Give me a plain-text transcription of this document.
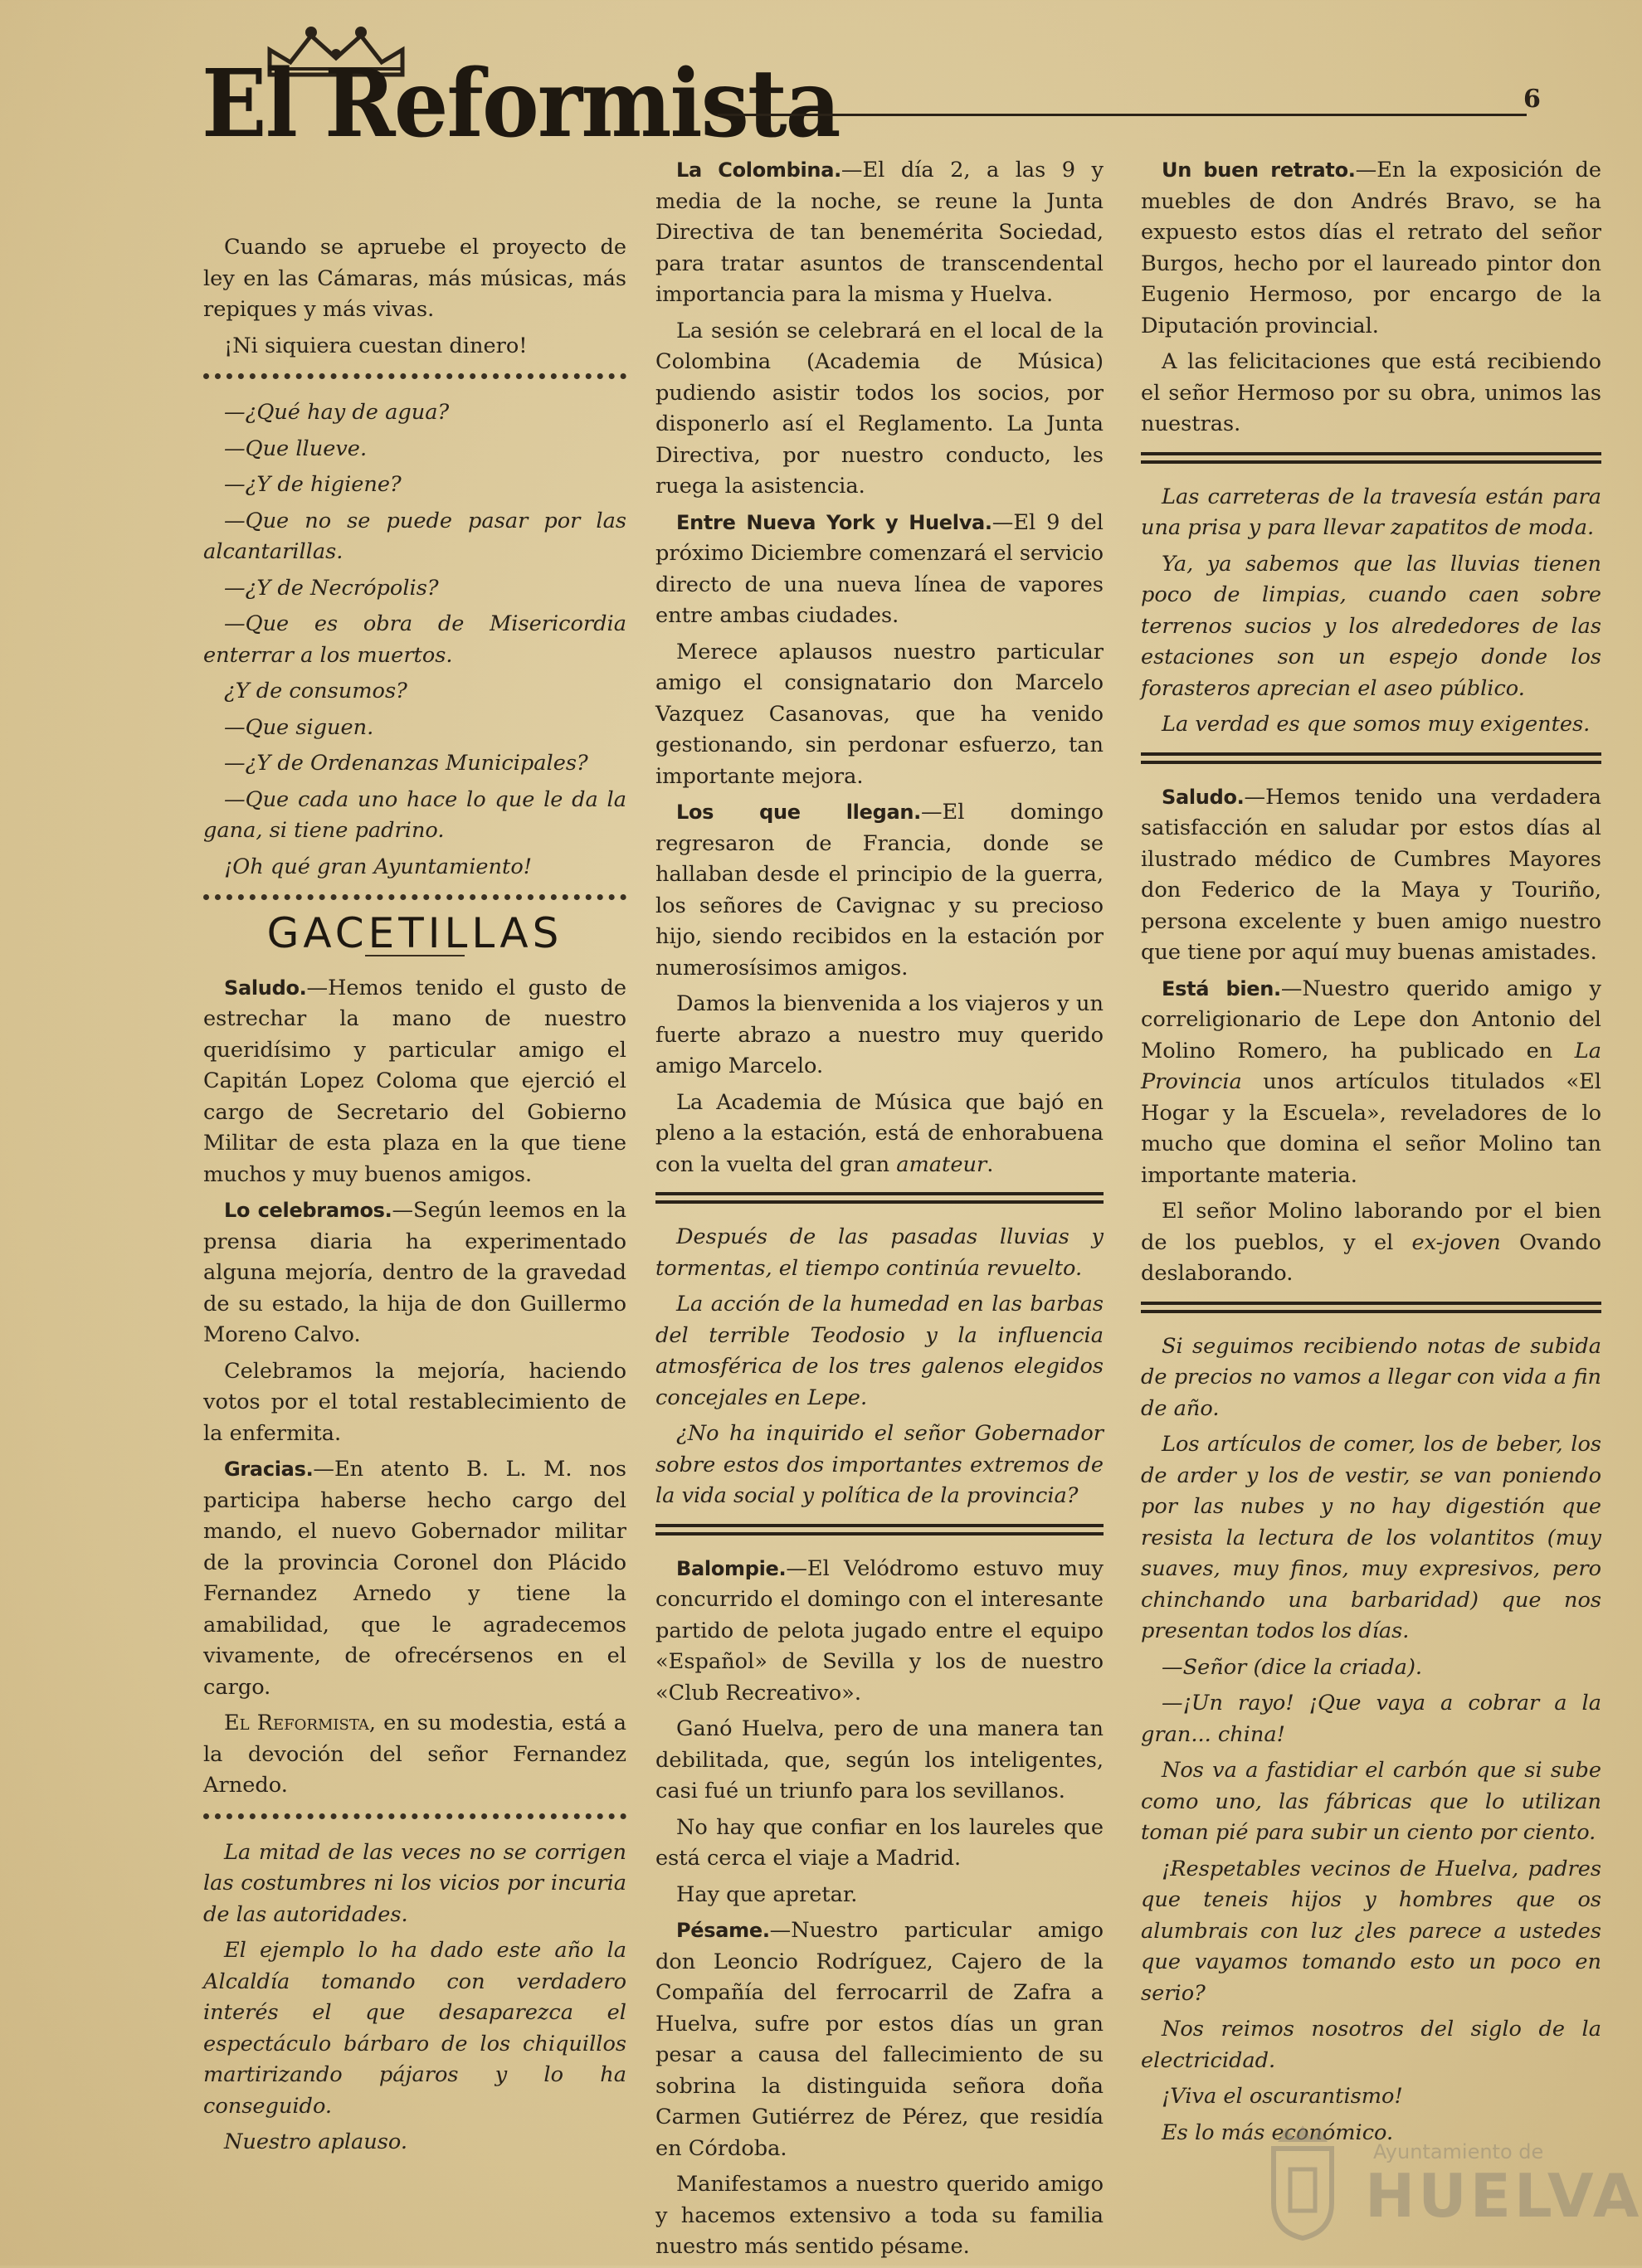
El Reformista	6

Cuando se apruebe el proyecto de ley en las Cámaras, más músicas, más repiques y más vivas.

¡Ni siquiera cuestan dinero!

—¿Qué hay de agua?

—Que llueve.

—¿Y de higiene?

—Que no se puede pasar por las alcantarillas.

—¿Y de Necrópolis?

—Que es obra de Misericordia enterrar a los muertos.

¿Y de consumos?

—Que siguen.

—¿Y de Ordenanzas Municipales?

—Que cada uno hace lo que le da la gana, si tiene padrino.

¡Oh qué gran Ayuntamiento!

GACETILLAS

Saludo.—Hemos tenido el gusto de estrechar la mano de nuestro queridísimo y particular amigo el Capitán Lopez Coloma que ejerció el cargo de Secretario del Gobierno Militar de esta plaza en la que tiene muchos y muy buenos amigos.

Lo celebramos.—Según leemos en la prensa diaria ha experimentado alguna mejoría, dentro de la gravedad de su estado, la hija de don Guillermo Moreno Calvo.

Celebramos la mejoría, haciendo votos por el total restablecimiento de la enfermita.

Gracias.—En atento B. L. M. nos participa haberse hecho cargo del mando, el nuevo Gobernador militar de la provincia Coronel don Plácido Fernandez Arnedo y tiene la amabilidad, que le agradecemos vivamente, de ofrecérsenos en el cargo.

El Reformista, en su modestia, está a la devoción del señor Fernandez Arnedo.

La mitad de las veces no se corrigen las costumbres ni los vicios por incuria de las autoridades.

El ejemplo lo ha dado este año la Alcaldía tomando con verdadero interés el que desaparezca el espectáculo bárbaro de los chiquillos martirizando pájaros y lo ha conseguido.

Nuestro aplauso.

La Colombina.—El día 2, a las 9 y media de la noche, se reune la Junta Directiva de tan benemérita Sociedad, para tratar asuntos de transcendental importancia para la misma y Huelva.

La sesión se celebrará en el local de la Colombina (Academia de Música) pudiendo asistir todos los socios, por disponerlo así el Reglamento. La Junta Directiva, por nuestro conducto, les ruega la asistencia.

Entre Nueva York y Huelva.—El 9 del próximo Diciembre comenzará el servicio directo de una nueva línea de vapores entre ambas ciudades.

Merece aplausos nuestro particular amigo el consignatario don Marcelo Vazquez Casanovas, que ha venido gestionando, sin perdonar esfuerzo, tan importante mejora.

Los que llegan.—El domingo regresaron de Francia, donde se hallaban desde el principio de la guerra, los señores de Cavignac y su precioso hijo, siendo recibidos en la estación por numerosísimos amigos.

Damos la bienvenida a los viajeros y un fuerte abrazo a nuestro muy querido amigo Marcelo.

La Academia de Música que bajó en pleno a la estación, está de enhorabuena con la vuelta del gran amateur.

Después de las pasadas lluvias y tormentas, el tiempo continúa revuelto.

La acción de la humedad en las barbas del terrible Teodosio y la influencia atmosférica de los tres galenos elegidos concejales en Lepe.

¿No ha inquirido el señor Gobernador sobre estos dos importantes extremos de la vida social y política de la provincia?

Balompie.—El Velódromo estuvo muy concurrido el domingo con el interesante partido de pelota jugado entre el equipo «Español» de Sevilla y los de nuestro «Club Recreativo».

Ganó Huelva, pero de una manera tan debilitada, que, según los inteligentes, casi fué un triunfo para los sevillanos.

No hay que confiar en los laureles que está cerca el viaje a Madrid.

Hay que apretar.

Pésame.—Nuestro particular amigo don Leoncio Rodríguez, Cajero de la Compañía del ferrocarril de Zafra a Huelva, sufre por estos días un gran pesar a causa del fallecimiento de su sobrina la distinguida señora doña Carmen Gutiérrez de Pérez, que residía en Córdoba.

Manifestamos a nuestro querido amigo y hacemos extensivo a toda su familia nuestro más sentido pésame.

Un buen retrato.—En la exposición de muebles de don Andrés Bravo, se ha expuesto estos días el retrato del señor Burgos, hecho por el laureado pintor don Eugenio Hermoso, por encargo de la Diputación provincial.

A las felicitaciones que está recibiendo el señor Hermoso por su obra, unimos las nuestras.

Las carreteras de la travesía están para una prisa y para llevar zapatitos de moda.

Ya, ya sabemos que las lluvias tienen poco de limpias, cuando caen sobre terrenos sucios y los alrededores de las estaciones son un espejo donde los forasteros aprecian el aseo público.

La verdad es que somos muy exigentes.

Saludo.—Hemos tenido una verdadera satisfacción en saludar por estos días al ilustrado médico de Cumbres Mayores don Federico de la Maya y Touriño, persona excelente y buen amigo nuestro que tiene por aquí muy buenas amistades.

Está bien.—Nuestro querido amigo y correligionario de Lepe don Antonio del Molino Romero, ha publicado en La Provincia unos artículos titulados «El Hogar y la Escuela», reveladores de lo mucho que domina el señor Molino tan importante materia.

El señor Molino laborando por el bien de los pueblos, y el ex-joven Ovando deslaborando.

Si seguimos recibiendo notas de subida de precios no vamos a llegar con vida a fin de año.

Los artículos de comer, los de beber, los de arder y los de vestir, se van poniendo por las nubes y no hay digestión que resista la lectura de los volantitos (muy suaves, muy finos, muy expresivos, pero chinchando una barbaridad) que nos presentan todos los días.

—Señor (dice la criada).

—¡Un rayo! ¡Que vaya a cobrar a la gran... china!

Nos va a fastidiar el carbón que si sube como uno, las fábricas que lo utilizan toman pié para subir un ciento por ciento.

¡Respetables vecinos de Huelva, padres que teneis hijos y hombres que os alumbrais con luz ¿les parece a ustedes que vayamos tomando esto un poco en serio?

Nos reimos nosotros del siglo de la electricidad.

¡Viva el oscurantismo!

Es lo más económico.

Ayuntamiento de
HUELVA
